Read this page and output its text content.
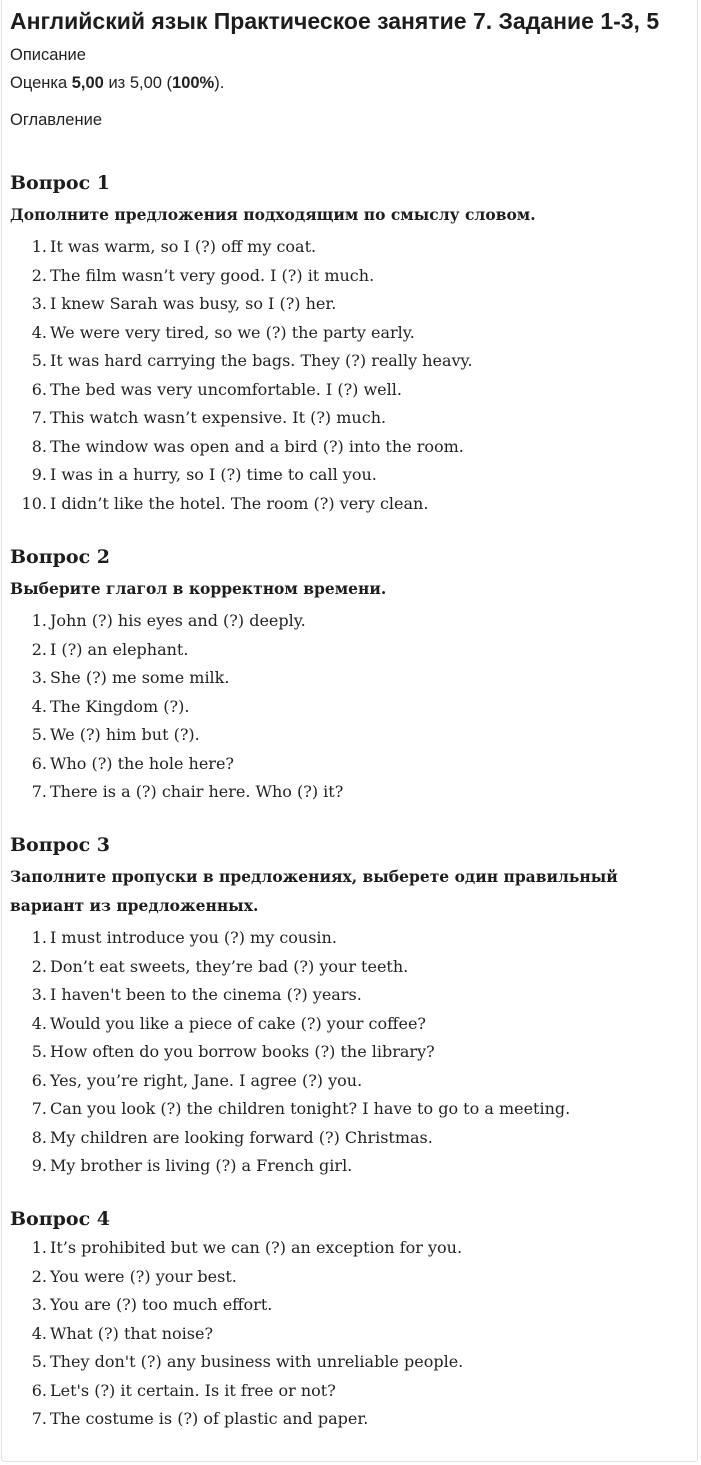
Английский язык Практическое занятие 7. Задание 1-3, 5

Описание

Оценка 5,00 из 5,00 (100%).

Оглавление

Вопрос 1

Дополните предложения подходящим по смыслу словом.

1. It was warm, so I (?) off my coat.
2. The film wasn’t very good. I (?) it much.
3. I knew Sarah was busy, so I (?) her.
4. We were very tired, so we (?) the party early.
5. It was hard carrying the bags. They (?) really heavy.
6. The bed was very uncomfortable. I (?) well.
7. This watch wasn’t expensive. It (?) much.
8. The window was open and a bird (?) into the room.
9. I was in a hurry, so I (?) time to call you.
10. I didn’t like the hotel. The room (?) very clean.
Вопрос 2

Выберите глагол в корректном времени.

1. John (?) his eyes and (?) deeply.
2. I (?) an elephant.
3. She (?) me some milk.
4. The Kingdom (?).
5. We (?) him but (?).
6. Who (?) the hole here?
7. There is a (?) chair here. Who (?) it?
Вопрос 3

Заполните пропуски в предложениях, выберете один правильный

вариант из предложенных.

1. I must introduce you (?) my cousin.
2. Don’t eat sweets, they’re bad (?) your teeth.
3. I haven't been to the cinema (?) years.
4. Would you like a piece of cake (?) your coffee?
5. How often do you borrow books (?) the library?
6. Yes, you’re right, Jane. I agree (?) you.
7. Can you look (?) the children tonight? I have to go to a meeting.
8. My children are looking forward (?) Christmas.
9. My brother is living (?) a French girl.
Вопрос 4
1. It’s prohibited but we can (?) an exception for you.
2. You were (?) your best.
3. You are (?) too much effort.
4. What (?) that noise?
5. They don't (?) any business with unreliable people.
6. Let's (?) it certain. Is it free or not?
7. The costume is (?) of plastic and paper.
